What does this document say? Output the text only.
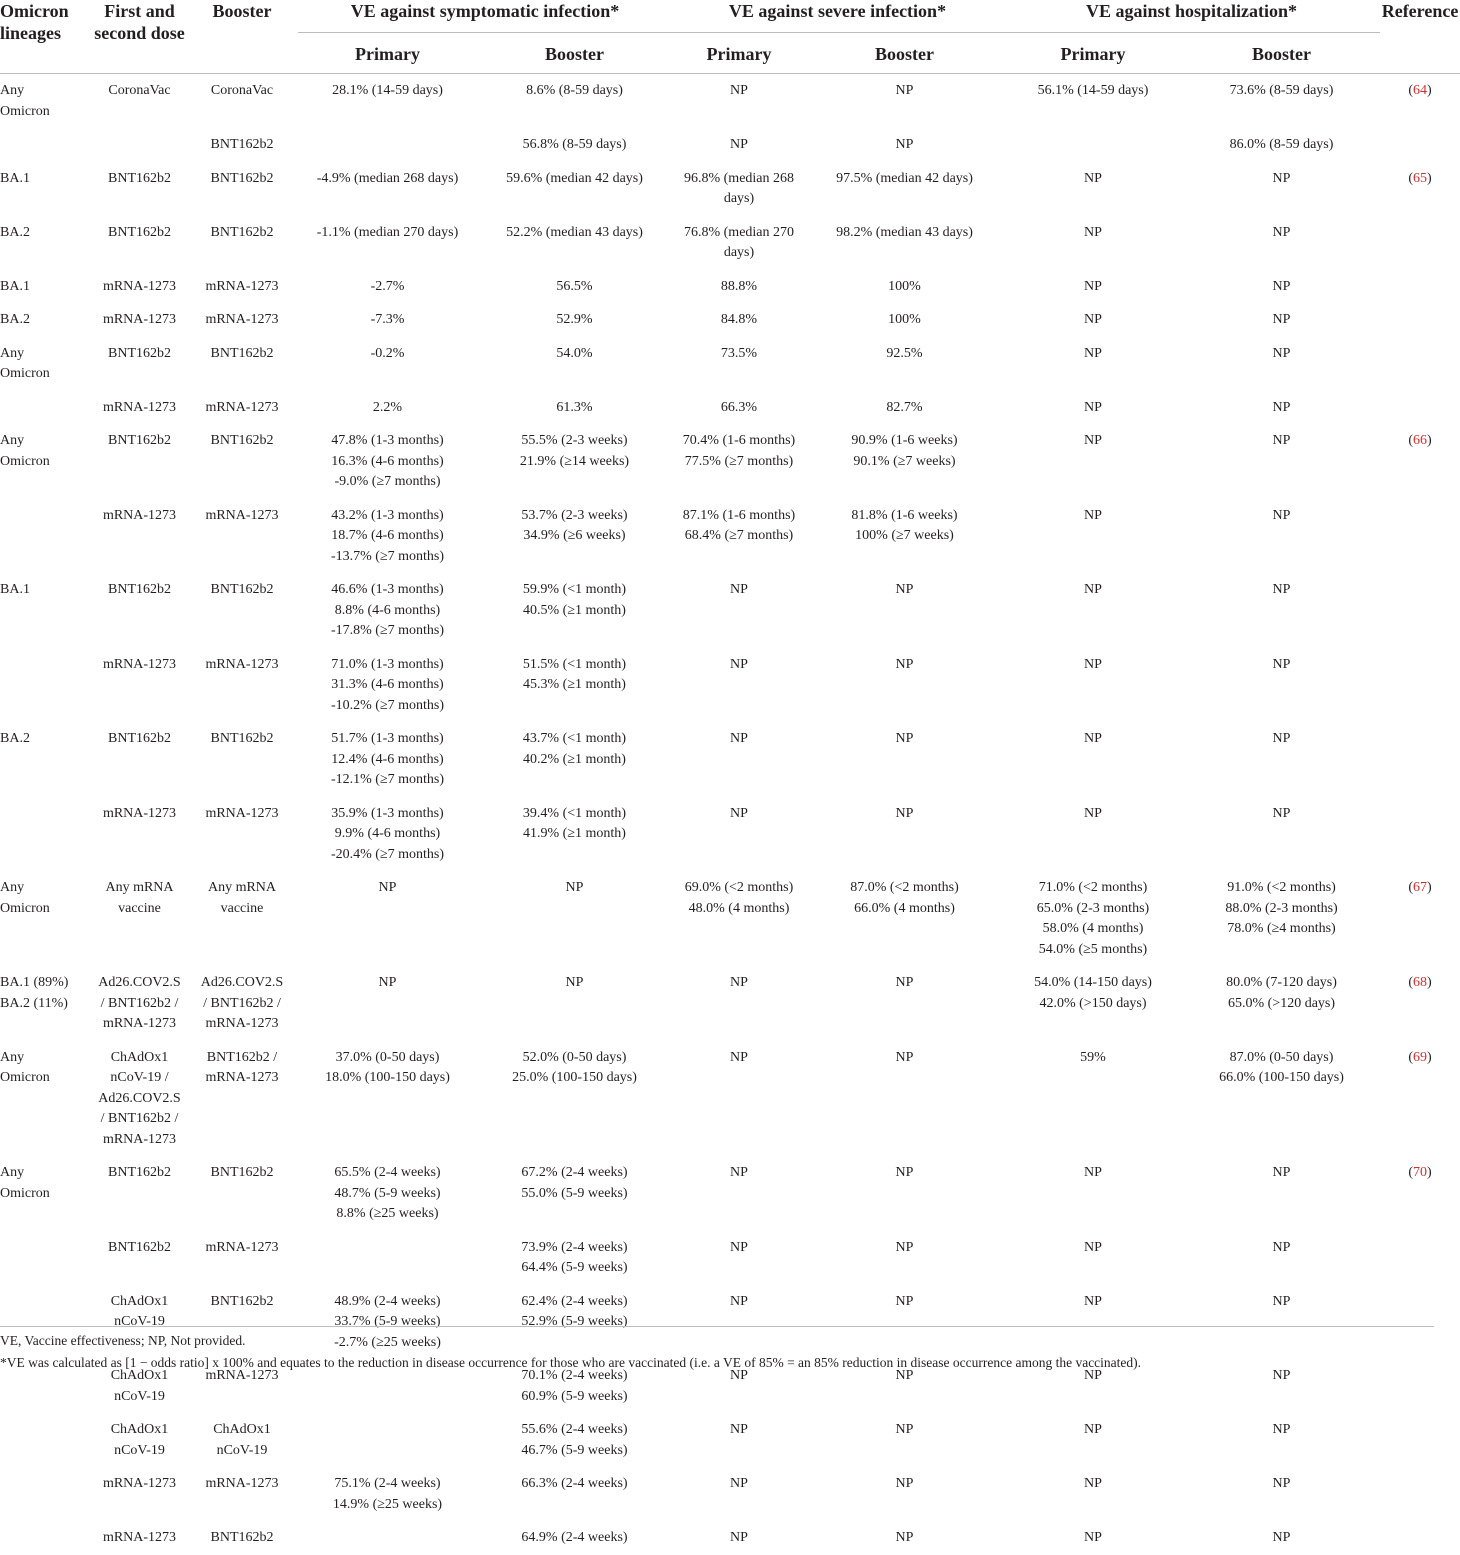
Omicron lineages	First and second dose	Booster	VE against symptomatic infection*		VE against severe infection*		VE against hospitalization*		Reference
			Primary	Booster	Primary	Booster	Primary	Booster	

Any
Omicron	CoronaVac	CoronaVac	28.1% (14-59 days)	8.6% (8-59 days)	NP	NP	56.1% (14-59 days)	73.6% (8-59 days)	(64)

		BNT162b2		56.8% (8-59 days)	NP	NP		86.0% (8-59 days)	

BA.1	BNT162b2	BNT162b2	-4.9% (median 268 days)	59.6% (median 42 days)	96.8% (median 268
days)	97.5% (median 42 days)	NP	NP	(65)

BA.2	BNT162b2	BNT162b2	-1.1% (median 270 days)	52.2% (median 43 days)	76.8% (median 270
days)	98.2% (median 43 days)	NP	NP	

BA.1	mRNA-1273	mRNA-1273	-2.7%	56.5%	88.8%	100%	NP	NP	

BA.2	mRNA-1273	mRNA-1273	-7.3%	52.9%	84.8%	100%	NP	NP	

Any
Omicron	BNT162b2	BNT162b2	-0.2%	54.0%	73.5%	92.5%	NP	NP	

	mRNA-1273	mRNA-1273	2.2%	61.3%	66.3%	82.7%	NP	NP	

Any
Omicron	BNT162b2	BNT162b2	47.8% (1-3 months)
16.3% (4-6 months)
-9.0% (≥7 months)	55.5% (2-3 weeks)
21.9% (≥14 weeks)	70.4% (1-6 months)
77.5% (≥7 months)	90.9% (1-6 weeks)
90.1% (≥7 weeks)	NP	NP	(66)

	mRNA-1273	mRNA-1273	43.2% (1-3 months)
18.7% (4-6 months)
-13.7% (≥7 months)	53.7% (2-3 weeks)
34.9% (≥6 weeks)	87.1% (1-6 months)
68.4% (≥7 months)	81.8% (1-6 weeks)
100% (≥7 weeks)	NP	NP	

BA.1	BNT162b2	BNT162b2	46.6% (1-3 months)
8.8% (4-6 months)
-17.8% (≥7 months)	59.9% (<1 month)
40.5% (≥1 month)	NP	NP	NP	NP	

	mRNA-1273	mRNA-1273	71.0% (1-3 months)
31.3% (4-6 months)
-10.2% (≥7 months)	51.5% (<1 month)
45.3% (≥1 month)	NP	NP	NP	NP	

BA.2	BNT162b2	BNT162b2	51.7% (1-3 months)
12.4% (4-6 months)
-12.1% (≥7 months)	43.7% (<1 month)
40.2% (≥1 month)	NP	NP	NP	NP	

	mRNA-1273	mRNA-1273	35.9% (1-3 months)
9.9% (4-6 months)
-20.4% (≥7 months)	39.4% (<1 month)
41.9% (≥1 month)	NP	NP	NP	NP	

Any
Omicron	Any mRNA
vaccine	Any mRNA
vaccine	NP	NP	69.0% (<2 months)
48.0% (4 months)	87.0% (<2 months)
66.0% (4 months)	71.0% (<2 months)
65.0% (2-3 months)
58.0% (4 months)
54.0% (≥5 months)	91.0% (<2 months)
88.0% (2-3 months)
78.0% (≥4 months)	(67)

BA.1 (89%)
BA.2 (11%)	Ad26.COV2.S
/ BNT162b2 /
mRNA-1273	Ad26.COV2.S
/ BNT162b2 /
mRNA-1273	NP	NP	NP	NP	54.0% (14-150 days)
42.0% (>150 days)	80.0% (7-120 days)
65.0% (>120 days)	(68)

Any
Omicron	ChAdOx1
nCoV-19 /
Ad26.COV2.S
/ BNT162b2 /
mRNA-1273	BNT162b2 /
mRNA-1273	37.0% (0-50 days)
18.0% (100-150 days)	52.0% (0-50 days)
25.0% (100-150 days)	NP	NP	59%	87.0% (0-50 days)
66.0% (100-150 days)	(69)

Any
Omicron	BNT162b2	BNT162b2	65.5% (2-4 weeks)
48.7% (5-9 weeks)
8.8% (≥25 weeks)	67.2% (2-4 weeks)
55.0% (5-9 weeks)	NP	NP	NP	NP	(70)

	BNT162b2	mRNA-1273		73.9% (2-4 weeks)
64.4% (5-9 weeks)	NP	NP	NP	NP	

	ChAdOx1
nCoV-19	BNT162b2	48.9% (2-4 weeks)
33.7% (5-9 weeks)
-2.7% (≥25 weeks)	62.4% (2-4 weeks)
52.9% (5-9 weeks)	NP	NP	NP	NP	

	ChAdOx1
nCoV-19	mRNA-1273		70.1% (2-4 weeks)
60.9% (5-9 weeks)	NP	NP	NP	NP	

	ChAdOx1
nCoV-19	ChAdOx1
nCoV-19		55.6% (2-4 weeks)
46.7% (5-9 weeks)	NP	NP	NP	NP	

	mRNA-1273	mRNA-1273	75.1% (2-4 weeks)
14.9% (≥25 weeks)	66.3% (2-4 weeks)	NP	NP	NP	NP	

	mRNA-1273	BNT162b2		64.9% (2-4 weeks)	NP	NP	NP	NP	

VE, Vaccine effectiveness; NP, Not provided.
*VE was calculated as [1 − odds ratio] x 100% and equates to the reduction in disease occurrence for those who are vaccinated (i.e. a VE of 85% = an 85% reduction in disease occurrence among the vaccinated).
